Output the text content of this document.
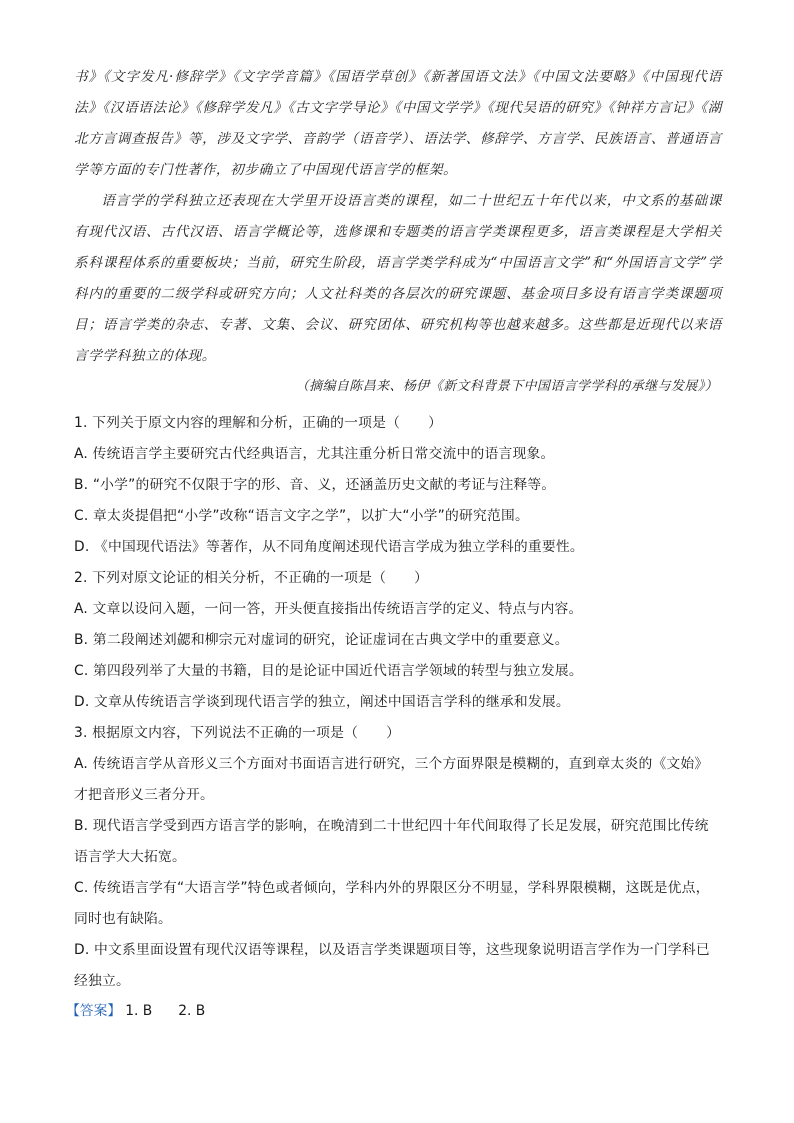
书》《文字发凡·修辞学》《文字学音篇》《国语学草创》《新著国语文法》《中国文法要略》《中国现代语法》《汉语语法论》《修辞学发凡》《古文字学导论》《中国文学学》《现代吴语的研究》《钟祥方言记》《湖北方言调查报告》等，涉及文字学、音韵学（语音学）、语法学、修辞学、方言学、民族语言、普通语言学等方面的专门性著作，初步确立了中国现代语言学的框架。

语言学的学科独立还表现在大学里开设语言类的课程，如二十世纪五十年代以来，中文系的基础课有现代汉语、古代汉语、语言学概论等，选修课和专题类的语言学类课程更多，语言类课程是大学相关系科课程体系的重要板块；当前，研究生阶段，语言学类学科成为“中国语言文学”和“外国语言文学”学科内的重要的二级学科或研究方向；人文社科类的各层次的研究课题、基金项目多设有语言学类课题项目；语言学类的杂志、专著、文集、会议、研究团体、研究机构等也越来越多。这些都是近现代以来语言学学科独立的体现。

（摘编自陈昌来、杨伊《新文科背景下中国语言学学科的承继与发展》）

1. 下列关于原文内容的理解和分析，正确的一项是（　　）

A. 传统语言学主要研究古代经典语言，尤其注重分析日常交流中的语言现象。

B. “小学”的研究不仅限于字的形、音、义，还涵盖历史文献的考证与注释等。

C. 章太炎提倡把“小学”改称“语言文字之学”，以扩大“小学”的研究范围。

D. 《中国现代语法》等著作，从不同角度阐述现代语言学成为独立学科的重要性。

2. 下列对原文论证的相关分析，不正确的一项是（　　）

A. 文章以设问入题，一问一答，开头便直接指出传统语言学的定义、特点与内容。

B. 第二段阐述刘勰和柳宗元对虚词的研究，论证虚词在古典文学中的重要意义。

C. 第四段列举了大量的书籍，目的是论证中国近代语言学领域的转型与独立发展。

D. 文章从传统语言学谈到现代语言学的独立，阐述中国语言学科的继承和发展。

3. 根据原文内容，下列说法不正确的一项是（　　）

A. 传统语言学从音形义三个方面对书面语言进行研究，三个方面界限是模糊的，直到章太炎的《文始》才把音形义三者分开。

B. 现代语言学受到西方语言学的影响，在晚清到二十世纪四十年代间取得了长足发展，研究范围比传统语言学大大拓宽。

C. 传统语言学有“大语言学”特色或者倾向，学科内外的界限区分不明显，学科界限模糊，这既是优点，同时也有缺陷。

D. 中文系里面设置有现代汉语等课程，以及语言学类课题项目等，这些现象说明语言学作为一门学科已经独立。

【答案】 1. B 2. B
